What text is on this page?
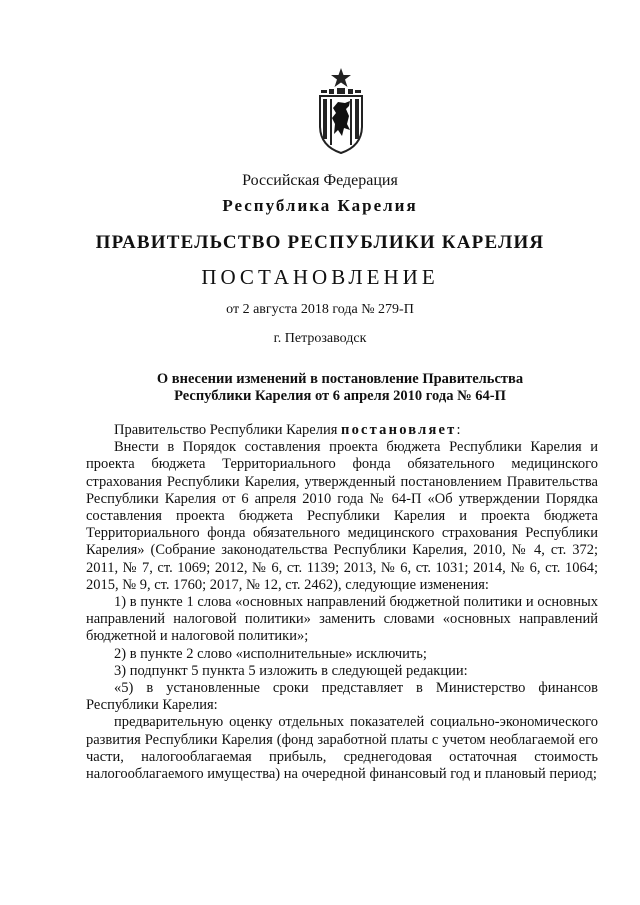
Российская Федерация
Республика Карелия
ПРАВИТЕЛЬСТВО РЕСПУБЛИКИ КАРЕЛИЯ
ПОСТАНОВЛЕНИЕ
от 2 августа 2018 года № 279-П
г. Петрозаводск
О внесении изменений в постановление Правительства
Республики Карелия от 6 апреля 2010 года № 64-П

Правительство Республики Карелия постановляет:

Внести в Порядок составления проекта бюджета Республики Карелия и проекта бюджета Территориального фонда обязательного медицинского страхования Республики Карелия, утвержденный постановлением Правительства Республики Карелия от 6 апреля 2010 года № 64-П «Об утверждении Порядка составления проекта бюджета Республики Карелия и проекта бюджета Территориального фонда обязательного медицинского страхования Республики Карелия» (Собрание законодательства Республики Карелия, 2010, № 4, ст. 372; 2011, № 7, ст. 1069; 2012, № 6, ст. 1139; 2013, № 6, ст. 1031; 2014, № 6, ст. 1064; 2015, № 9, ст. 1760; 2017, № 12, ст. 2462), следующие изменения:

1) в пункте 1 слова «основных направлений бюджетной политики и основных направлений налоговой политики» заменить словами «основных направлений бюджетной и налоговой политики»;

2) в пункте 2 слово «исполнительные» исключить;

3) подпункт 5 пункта 5 изложить в следующей редакции:

«5) в установленные сроки представляет в Министерство финансов Республики Карелия:

предварительную оценку отдельных показателей социально-экономического развития Республики Карелия (фонд заработной платы с учетом необлагаемой его части, налогооблагаемая прибыль, среднегодовая остаточная стоимость налогооблагаемого имущества) на очередной финансовый год и плановый период;
